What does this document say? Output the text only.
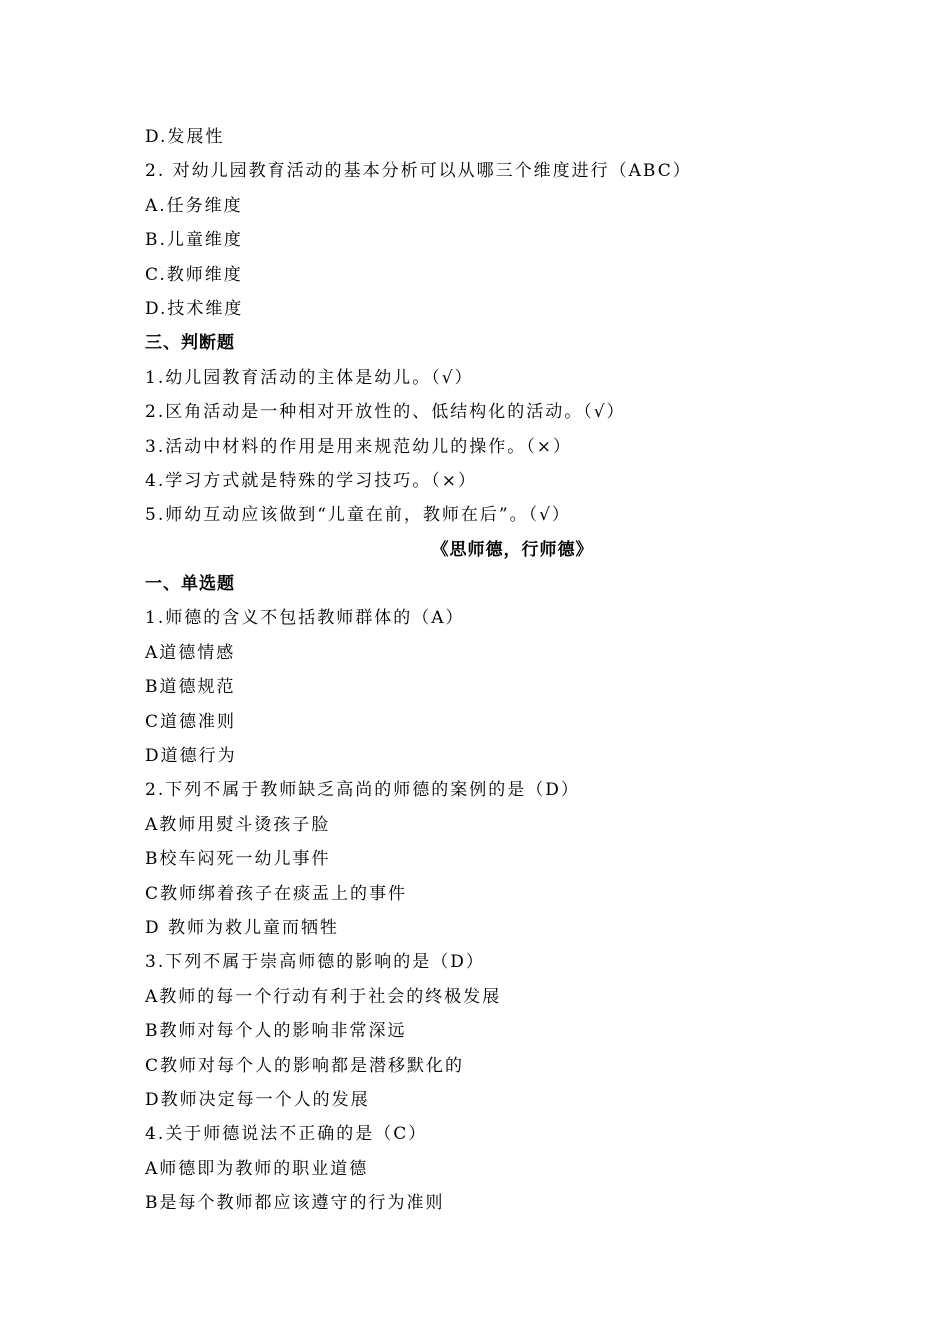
D.发展性
2. 对幼儿园教育活动的基本分析可以从哪三个维度进行（ABC）
A.任务维度
B.儿童维度
C.教师维度
D.技术维度
三、判断题
1.幼儿园教育活动的主体是幼儿。（√）
2.区角活动是一种相对开放性的、低结构化的活动。（√）
3.活动中材料的作用是用来规范幼儿的操作。（×）
4.学习方式就是特殊的学习技巧。（×）
5.师幼互动应该做到“儿童在前，教师在后”。（√）
《思师德，行师德》
一、单选题
1.师德的含义不包括教师群体的（A）
A道德情感
B道德规范
C道德准则
D道德行为
2.下列不属于教师缺乏高尚的师德的案例的是（D）
A教师用熨斗烫孩子脸
B校车闷死一幼儿事件
C教师绑着孩子在痰盂上的事件
D 教师为救儿童而牺牲
3.下列不属于崇高师德的影响的是（D）
A教师的每一个行动有利于社会的终极发展
B教师对每个人的影响非常深远
C教师对每个人的影响都是潜移默化的
D教师决定每一个人的发展
4.关于师德说法不正确的是（C）
A师德即为教师的职业道德
B是每个教师都应该遵守的行为准则
